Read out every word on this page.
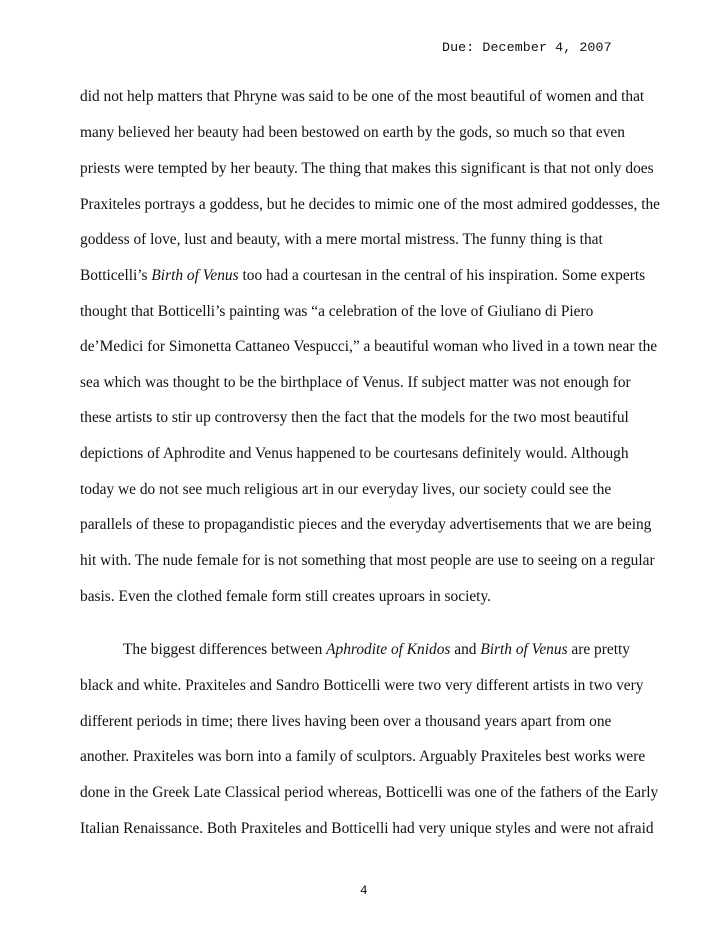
Due: December 4, 2007
did not help matters that Phryne was said to be one of the most beautiful of women and that
many believed her beauty had been bestowed on earth by the gods, so much so that even
priests were tempted by her beauty. The thing that makes this significant is that not only does
Praxiteles portrays a goddess, but he decides to mimic one of the most admired goddesses, the
goddess of love, lust and beauty, with a mere mortal mistress. The funny thing is that
Botticelli’s Birth of Venus too had a courtesan in the central of his inspiration. Some experts
thought that Botticelli’s painting was “a celebration of the love of Giuliano di Piero
de’Medici for Simonetta Cattaneo Vespucci,” a beautiful woman who lived in a town near the
sea which was thought to be the birthplace of Venus. If subject matter was not enough for
these artists to stir up controversy then the fact that the models for the two most beautiful
depictions of Aphrodite and Venus happened to be courtesans definitely would. Although
today we do not see much religious art in our everyday lives, our society could see the
parallels of these to propagandistic pieces and the everyday advertisements that we are being
hit with. The nude female for is not something that most people are use to seeing on a regular
basis. Even the clothed female form still creates uproars in society.
The biggest differences between Aphrodite of Knidos and Birth of Venus are pretty
black and white. Praxiteles and Sandro Botticelli were two very different artists in two very
different periods in time; there lives having been over a thousand years apart from one
another. Praxiteles was born into a family of sculptors. Arguably Praxiteles best works were
done in the Greek Late Classical period whereas, Botticelli was one of the fathers of the Early
Italian Renaissance. Both Praxiteles and Botticelli had very unique styles and were not afraid
4
